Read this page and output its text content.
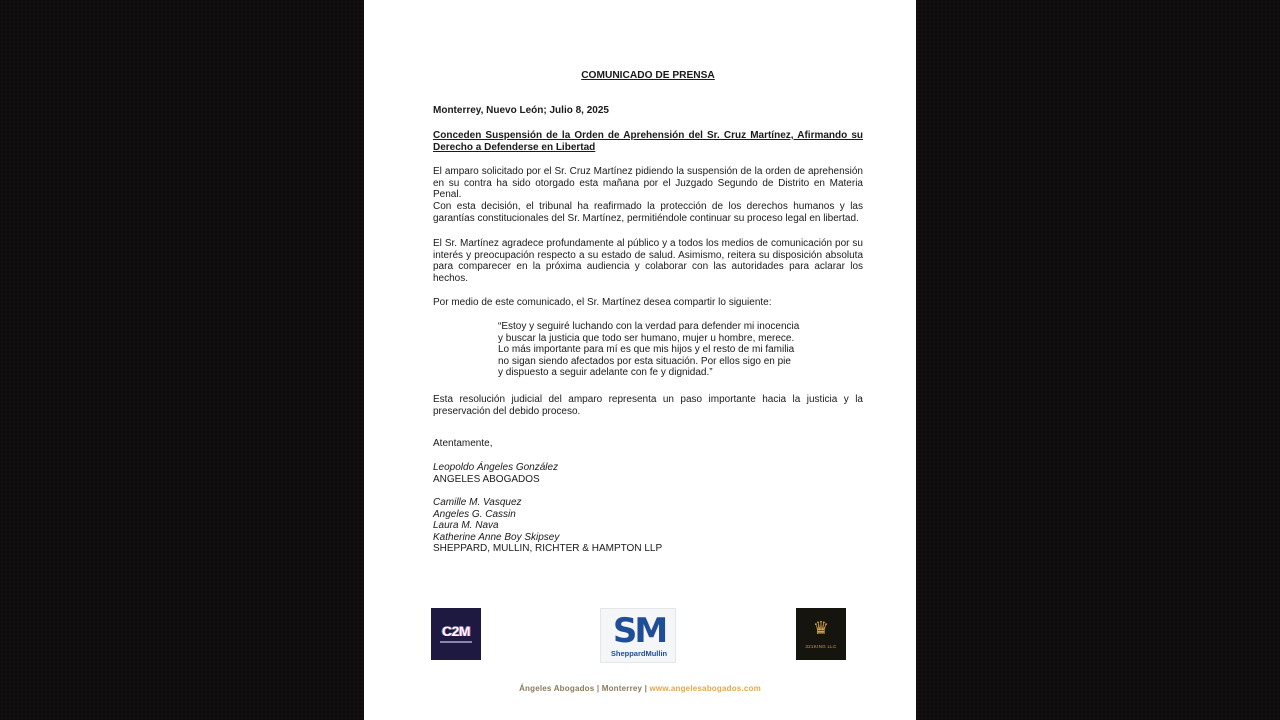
COMUNICADO DE PRENSA
Monterrey, Nuevo León; Julio 8, 2025
Conceden Suspensión de la Orden de Aprehensión del Sr. Cruz Martínez, Afirmando su Derecho a Defenderse en Libertad

El amparo solicitado por el Sr. Cruz Martínez pidiendo la suspensión de la orden de aprehensión en su contra ha sido otorgado esta mañana por el Juzgado Segundo de Distrito en Materia Penal.

Con esta decisión, el tribunal ha reafirmado la protección de los derechos humanos y las garantías constitucionales del Sr. Martínez, permitiéndole continuar su proceso legal en libertad.

El Sr. Martínez agradece profundamente al público y a todos los medios de comunicación por su interés y preocupación respecto a su estado de salud. Asimismo, reitera su disposición absoluta para comparecer en la próxima audiencia y colaborar con las autoridades para aclarar los hechos.

Por medio de este comunicado, el Sr. Martínez desea compartir lo siguiente:

“Estoy y seguiré luchando con la verdad para defender mi inocencia
y buscar la justicia que todo ser humano, mujer u hombre, merece.
Lo más importante para mí es que mis hijos y el resto de mi familia
no sigan siendo afectados por esta situación. Por ellos sigo en pie
y dispuesto a seguir adelante con fe y dignidad.”

Esta resolución judicial del amparo representa un paso importante hacia la justicia y la preservación del debido proceso.

Atentamente,
Leopoldo Ángeles González
ANGELES ABOGADOS
Camille M. Vasquez
Angeles G. Cassin
Laura M. Nava
Katherine Anne Boy Skipsey
SHEPPARD, MULLIN, RICHTER & HAMPTON LLP
C2M	SM
SheppardMullin
♛
321KING LLC
Ángeles Abogados | Monterrey | www.angelesabogados.com
